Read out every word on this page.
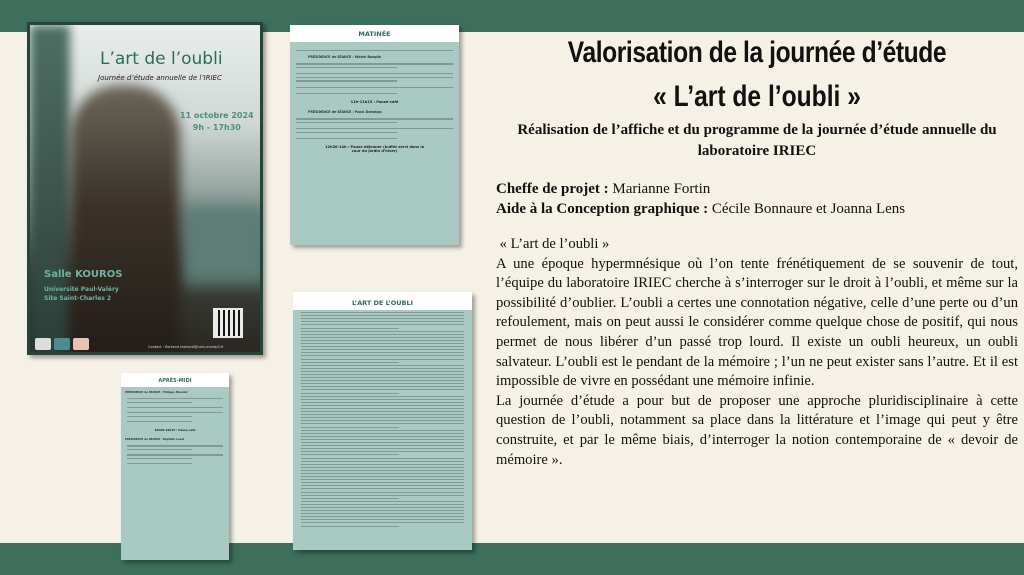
L’art de l’oubli
Journée d’étude annuelle de l’IRIEC
11 octobre 2024
9h - 17h30
Salle KOUROS
Université Paul-Valéry
Site Saint-Charles 2
Contact : florence.therond@univ-montp3.fr
MATINÉE
PRÉSIDENCE de SÉANCE : Michel Bueglin
11h-11h15 : Pause-café
PRÉSIDENCE de SÉANCE : Paola Domingo
12h30-14h : Pause déjeuner (buffet servi dans la cour du jardin d’hiver)
APRÈS-MIDI
PRÉSIDENCE de SÉANCE : Philippe Meunier
16h00-16h15 : Pause-café
PRÉSIDENCE de SÉANCE : Baptiste Lavat
L’ART DE L’OUBLI
Valorisation de la journée d’étude
« L’art de l’oubli »
Réalisation de l’affiche et du programme de la journée d’étude annuelle du laboratoire IRIEC
Cheffe de projet : Marianne Fortin
Aide à la Conception graphique : Cécile Bonnaure et Joanna Lens

« L’art de l’oubli »

A une époque hypermnésique où l’on tente frénétiquement de se souvenir de tout, l’équipe du laboratoire IRIEC cherche à s’interroger sur le droit à l’oubli, et même sur la possibilité d’oublier. L’oubli a certes une connotation négative, celle d’une perte ou d’un refoulement, mais on peut aussi le considérer comme quelque chose de positif, qui nous permet de nous libérer d’un passé trop lourd. Il existe un oubli heureux, un oubli salvateur. L’oubli est le pendant de la mémoire ; l’un ne peut exister sans l’autre. Et il est impossible de vivre en possédant une mémoire infinie.

La journée d’étude a pour but de proposer une approche pluridisciplinaire à cette question de l’oubli, notamment sa place dans la littérature et l’image qui peut y être construite, et par le même biais, d’interroger la notion contemporaine de « devoir de mémoire ».
